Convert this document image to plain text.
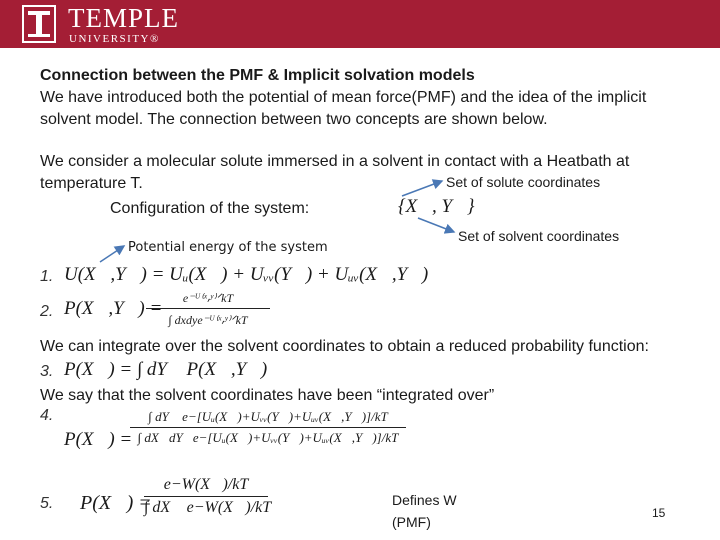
TEMPLE
UNIVERSITY®
Connection between the PMF & Implicit solvation models
We have introduced both the potential of mean force(PMF) and the idea of the implicit
solvent model. The connection between two concepts are shown below.
We consider a molecular solute immersed in a solvent in contact with a Heatbath at
temperature T.
Configuration of the system:	{X⃗, Y⃗}
Set of solute coordinates
Set of solvent coordinates
Potential energy of the system
1. U(X⃗,Y⃗) = Uᵤ(X⃗) + Uᵥᵥ(Y⃗) + Uᵤᵥ(X⃗,Y⃗)
2. P(X⃗,Y⃗) =	e⁻ᵁ⁽ˣ⸴ʸ⁾ᐟkT
∫ dxdye⁻ᵁ⁽ˣ⸴ʸ⁾ᐟkT
We can integrate over the solvent coordinates to obtain a reduced probability function:
3. P(X⃗) = ∫ dY⃗ P(X⃗,Y⃗)
We say that the solvent coordinates have been “integrated over”
4.
P(X⃗) =
∫ dY⃗ e−[Uᵤ(X⃗)+Uᵥᵥ(Y⃗)+Uᵤᵥ(X⃗,Y⃗)]/kT
∫ dX⃗dY⃗e−[Uᵤ(X⃗)+Uᵥᵥ(Y⃗)+Uᵤᵥ(X⃗,Y⃗)]/kT
5. P(X⃗) =
e−W(X⃗)/kT
∫ dX⃗ e−W(X⃗)/kT	Defines W
(PMF)
15
